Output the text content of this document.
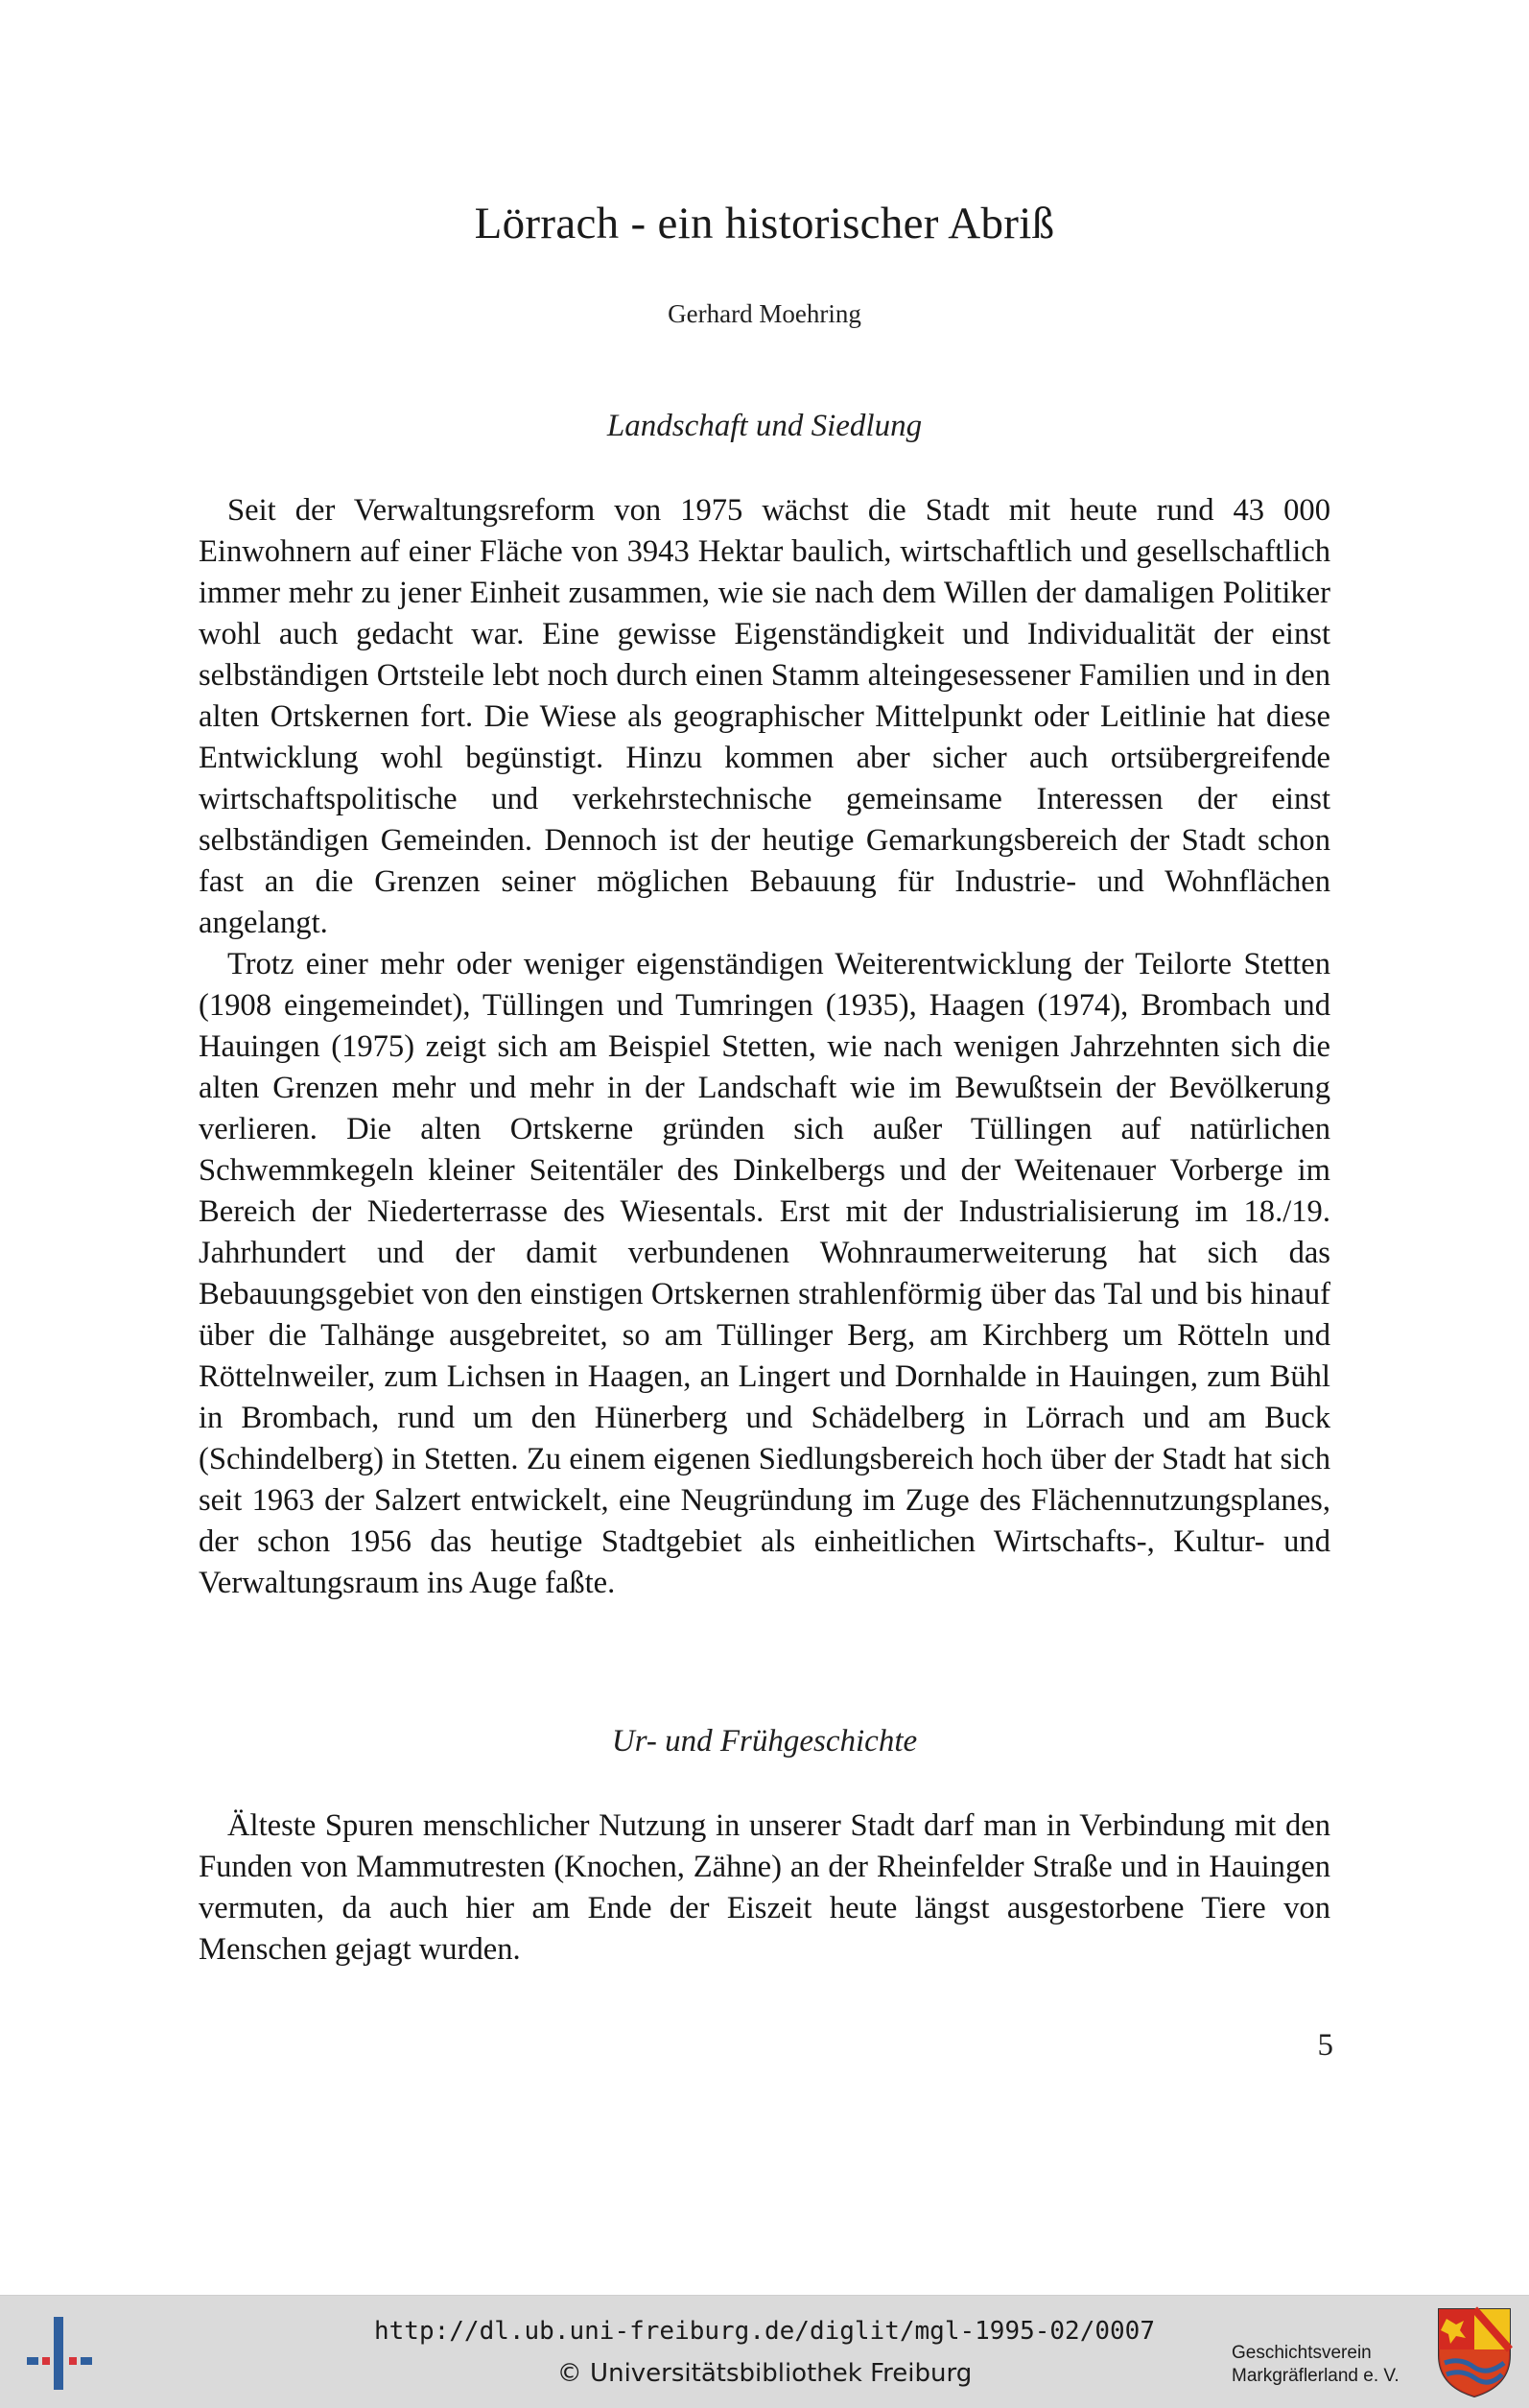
Lörrach - ein historischer Abriß
Gerhard Moehring
Landschaft und Siedlung

Seit der Verwaltungsreform von 1975 wächst die Stadt mit heute rund 43 000 Einwohnern auf einer Fläche von 3943 Hektar baulich, wirtschaftlich und gesellschaftlich immer mehr zu jener Einheit zusammen, wie sie nach dem Willen der damaligen Politiker wohl auch gedacht war. Eine gewisse Eigenständigkeit und Individualität der einst selbständigen Ortsteile lebt noch durch einen Stamm alteingesessener Familien und in den alten Ortskernen fort. Die Wiese als geographischer Mittelpunkt oder Leitlinie hat diese Entwicklung wohl begünstigt. Hinzu kommen aber sicher auch ortsübergreifende wirtschaftspolitische und verkehrstechnische gemeinsame Interessen der einst selbständigen Gemeinden. Dennoch ist der heutige Gemarkungsbereich der Stadt schon fast an die Grenzen seiner möglichen Bebauung für Industrie- und Wohnflächen angelangt.

Trotz einer mehr oder weniger eigenständigen Weiterentwicklung der Teilorte Stetten (1908 eingemeindet), Tüllingen und Tumringen (1935), Haagen (1974), Brombach und Hauingen (1975) zeigt sich am Beispiel Stetten, wie nach wenigen Jahrzehnten sich die alten Grenzen mehr und mehr in der Landschaft wie im Bewußtsein der Bevölkerung verlieren. Die alten Ortskerne gründen sich außer Tüllingen auf natürlichen Schwemmkegeln kleiner Seitentäler des Dinkelbergs und der Weitenauer Vorberge im Bereich der Niederterrasse des Wiesentals. Erst mit der Industrialisierung im 18./19. Jahrhundert und der damit verbundenen Wohnraumerweiterung hat sich das Bebauungsgebiet von den einstigen Ortskernen strahlenförmig über das Tal und bis hinauf über die Talhänge ausgebreitet, so am Tüllinger Berg, am Kirchberg um Rötteln und Röttelnweiler, zum Lichsen in Haagen, an Lingert und Dornhalde in Hauingen, zum Bühl in Brombach, rund um den Hünerberg und Schädelberg in Lörrach und am Buck (Schindelberg) in Stetten. Zu einem eigenen Siedlungsbereich hoch über der Stadt hat sich seit 1963 der Salzert entwickelt, eine Neugründung im Zuge des Flächennutzungsplanes, der schon 1956 das heutige Stadtgebiet als einheitlichen Wirtschafts-, Kultur- und Verwaltungsraum ins Auge faßte.

Ur- und Frühgeschichte

Älteste Spuren menschlicher Nutzung in unserer Stadt darf man in Verbindung mit den Funden von Mammutresten (Knochen, Zähne) an der Rheinfelder Straße und in Hauingen vermuten, da auch hier am Ende der Eiszeit heute längst ausgestorbene Tiere von Menschen gejagt wurden.

5
http://dl.ub.uni-freiburg.de/diglit/mgl-1995-02/0007
© Universitätsbibliothek Freiburg
Geschichtsverein
Markgräflerland e. V.
